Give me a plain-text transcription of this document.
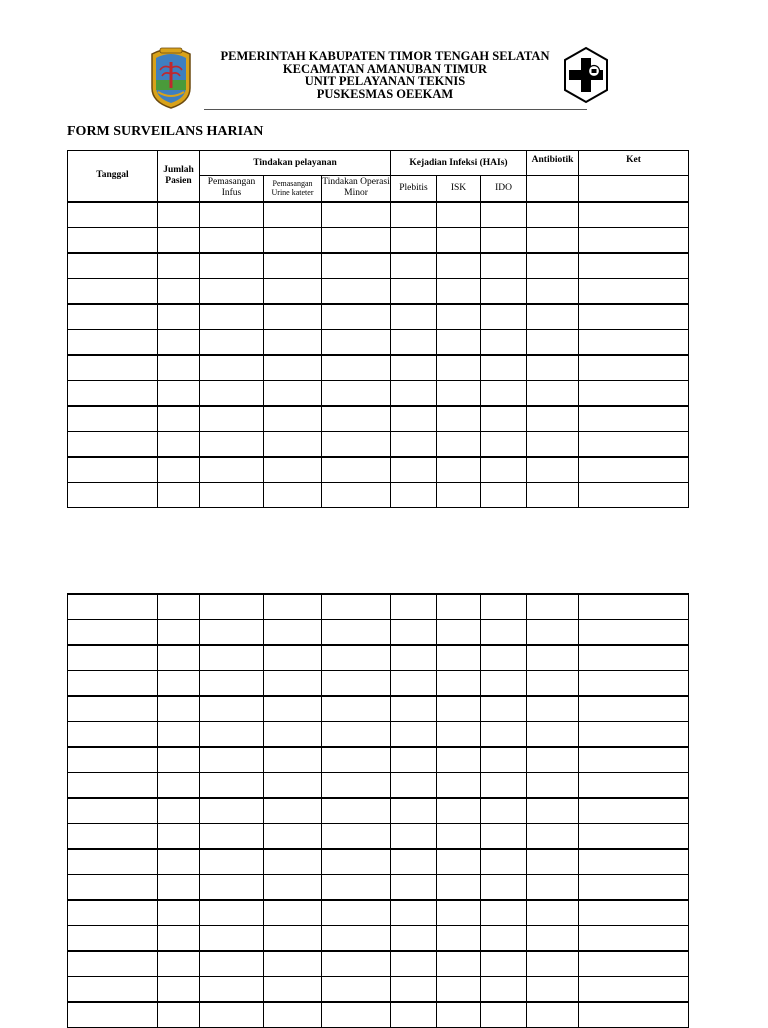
PEMERINTAH KABUPATEN TIMOR TENGAH SELATAN
KECAMATAN AMANUBAN TIMUR
UNIT PELAYANAN TEKNIS
PUSKESMAS OEEKAM
FORM SURVEILANS HARIAN
Tanggal	Jumlah Pasien	Tindakan pelayanan			Kejadian Infeksi (HAIs)			Antibiotik	Ket
		Pemasangan Infus	Pemasangan Urine kateter	Tindakan Operasi Minor	Plebitis	ISK	IDO		
